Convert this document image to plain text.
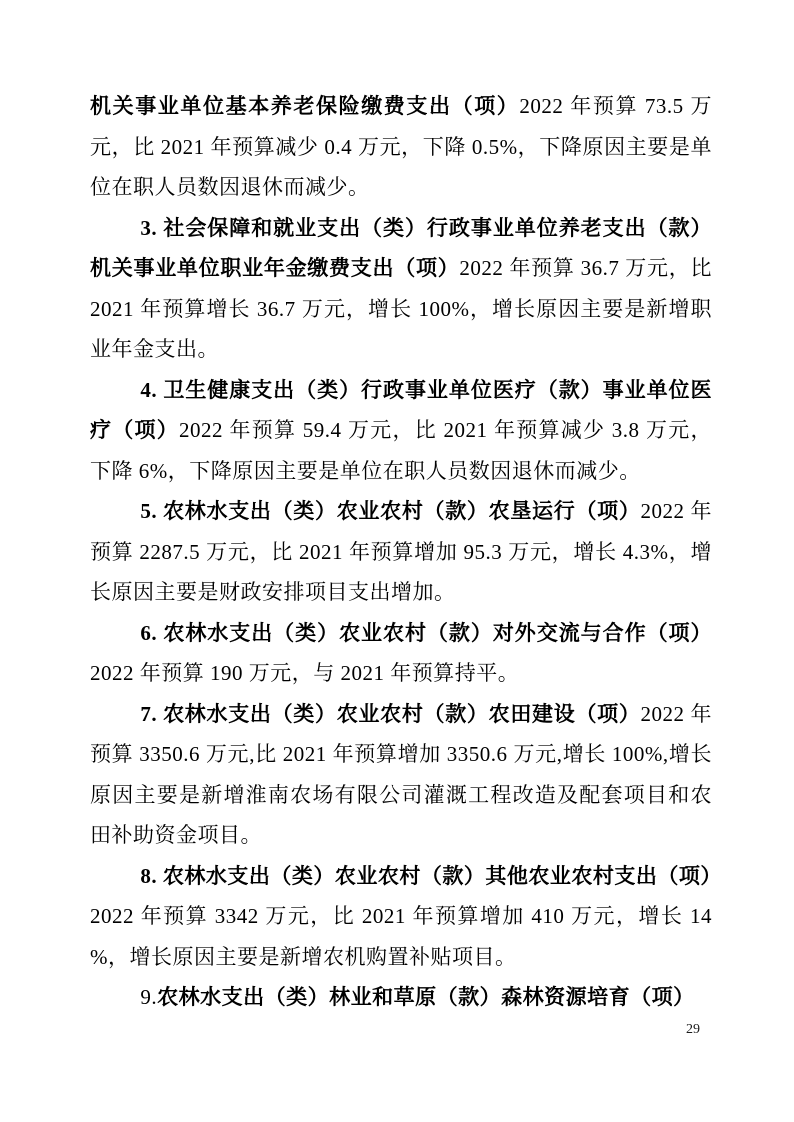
机关事业单位基本养老保险缴费支出（项）2022 年预算 73.5 万元，比 2021 年预算减少 0.4 万元，下降 0.5%，下降原因主要是单位在职人员数因退休而减少。

3. 社会保障和就业支出（类）行政事业单位养老支出（款）机关事业单位职业年金缴费支出（项）2022 年预算 36.7 万元，比 2021 年预算增长 36.7 万元，增长 100%，增长原因主要是新增职业年金支出。

4. 卫生健康支出（类）行政事业单位医疗（款）事业单位医疗（项）2022 年预算 59.4 万元，比 2021 年预算减少 3.8 万元，下降 6%，下降原因主要是单位在职人员数因退休而减少。

5. 农林水支出（类）农业农村（款）农垦运行（项）2022 年预算 2287.5 万元，比 2021 年预算增加 95.3 万元，增长 4.3%，增长原因主要是财政安排项目支出增加。

6. 农林水支出（类）农业农村（款）对外交流与合作（项）2022 年预算 190 万元，与 2021 年预算持平。

7. 农林水支出（类）农业农村（款）农田建设（项）2022 年预算 3350.6 万元,比 2021 年预算增加 3350.6 万元,增长 100%,增长原因主要是新增淮南农场有限公司灌溉工程改造及配套项目和农田补助资金项目。

8. 农林水支出（类）农业农村（款）其他农业农村支出（项）2022 年预算 3342 万元，比 2021 年预算增加 410 万元，增长 14 %，增长原因主要是新增农机购置补贴项目。

9.农林水支出（类）林业和草原（款）森林资源培育（项）

29
